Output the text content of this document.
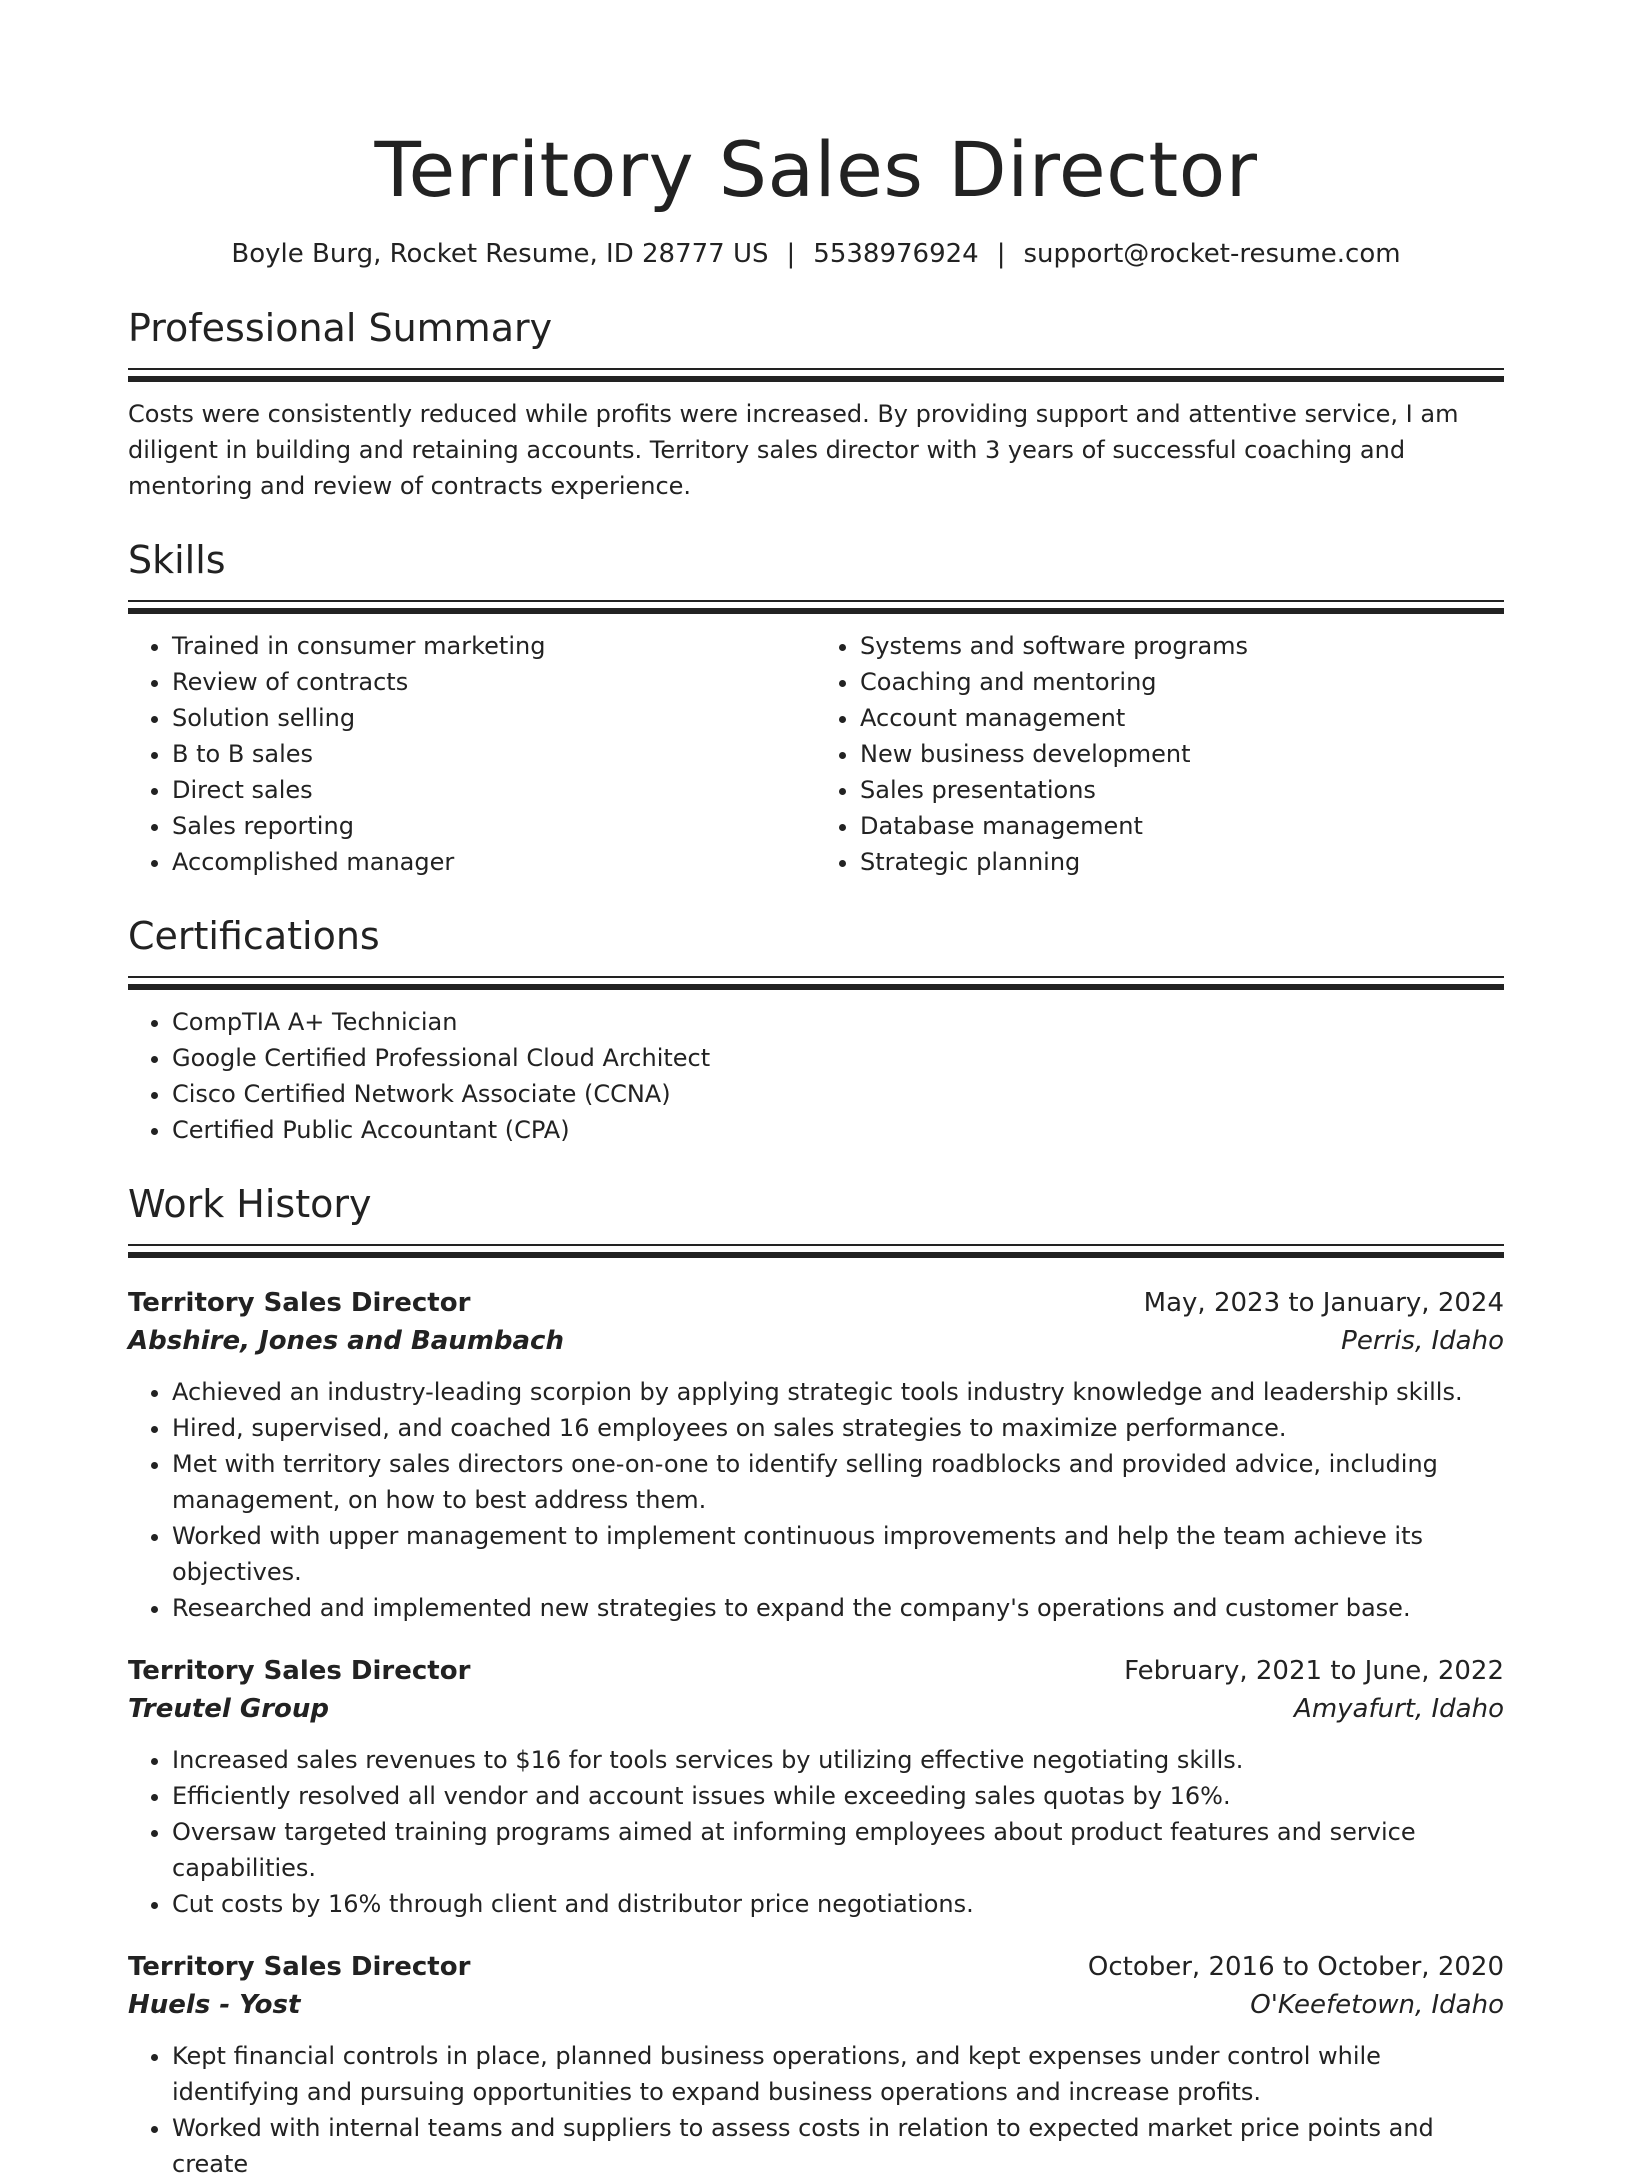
Territory Sales Director
Boyle Burg, Rocket Resume, ID 28777 US | 5538976924 | support@rocket-resume.com
Professional Summary

Costs were consistently reduced while profits were increased. By providing support and attentive service, I am diligent in building and retaining accounts. Territory sales director with 3 years of successful coaching and mentoring and review of contracts experience.

Skills
• Trained in consumer marketing
• Review of contracts
• Solution selling
• B to B sales
• Direct sales
• Sales reporting
• Accomplished manager
• Systems and software programs
• Coaching and mentoring
• Account management
• New business development
• Sales presentations
• Database management
• Strategic planning
Certifications
• CompTIA A+ Technician
• Google Certified Professional Cloud Architect
• Cisco Certified Network Associate (CCNA)
• Certified Public Accountant (CPA)
Work History
Territory Sales Director	May, 2023 to January, 2024
Abshire, Jones and Baumbach	Perris, Idaho
• Achieved an industry-leading scorpion by applying strategic tools industry knowledge and leadership skills.
• Hired, supervised, and coached 16 employees on sales strategies to maximize performance.
• Met with territory sales directors one-on-one to identify selling roadblocks and provided advice, including management, on how to best address them.
• Worked with upper management to implement continuous improvements and help the team achieve its objectives.
• Researched and implemented new strategies to expand the company's operations and customer base.
Territory Sales Director	February, 2021 to June, 2022
Treutel Group	Amyafurt, Idaho
• Increased sales revenues to $16 for tools services by utilizing effective negotiating skills.
• Efficiently resolved all vendor and account issues while exceeding sales quotas by 16%.
• Oversaw targeted training programs aimed at informing employees about product features and service capabilities.
• Cut costs by 16% through client and distributor price negotiations.
Territory Sales Director	October, 2016 to October, 2020
Huels - Yost	O'Keefetown, Idaho
• Kept financial controls in place, planned business operations, and kept expenses under control while identifying and pursuing opportunities to expand business operations and increase profits.
• Worked with internal teams and suppliers to assess costs in relation to expected market price points and create
